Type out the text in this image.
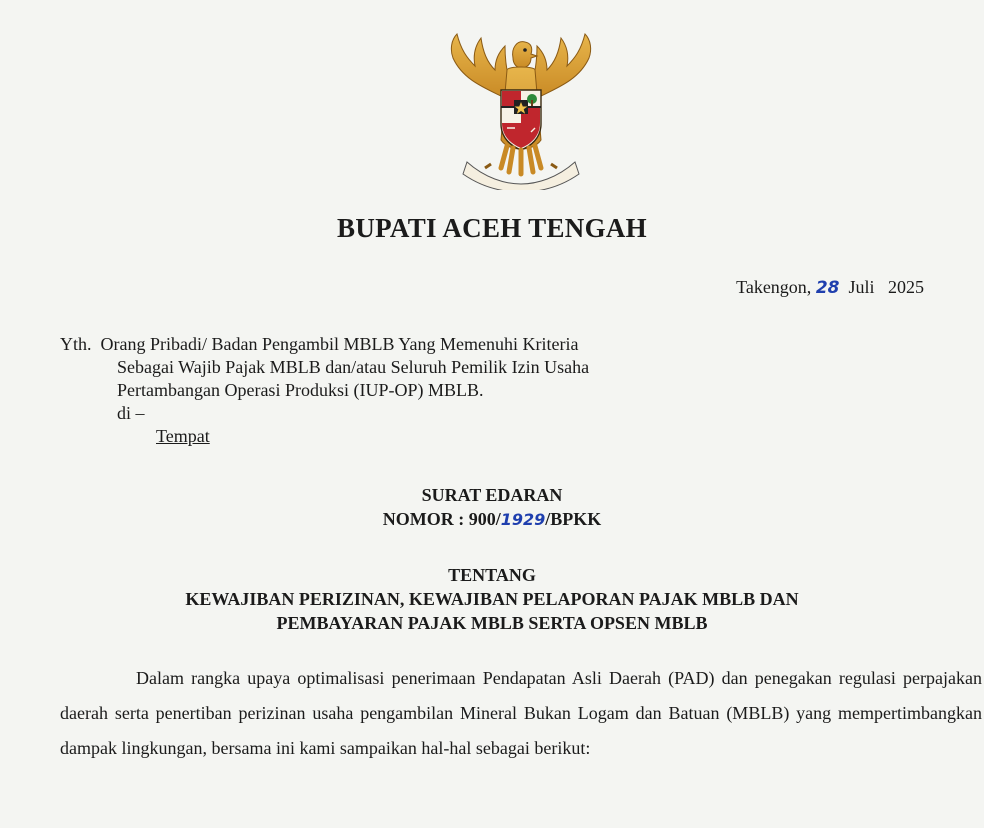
BUPATI ACEH TENGAH
Takengon, 28 Juli 2025
Yth. Orang Pribadi/ Badan Pengambil MBLB Yang Memenuhi Kriteria
Sebagai Wajib Pajak MBLB dan/atau Seluruh Pemilik Izin Usaha
Pertambangan Operasi Produksi (IUP-OP) MBLB.
di –
Tempat
SURAT EDARAN
NOMOR : 900/1929/BPKK
TENTANG
KEWAJIBAN PERIZINAN, KEWAJIBAN PELAPORAN PAJAK MBLB DAN
PEMBAYARAN PAJAK MBLB SERTA OPSEN MBLB
Dalam rangka upaya optimalisasi penerimaan Pendapatan Asli Daerah (PAD) dan penegakan regulasi perpajakan daerah serta penertiban perizinan usaha pengambilan Mineral Bukan Logam dan Batuan (MBLB) yang mempertimbangkan dampak lingkungan, bersama ini kami sampaikan hal-hal sebagai berikut:
